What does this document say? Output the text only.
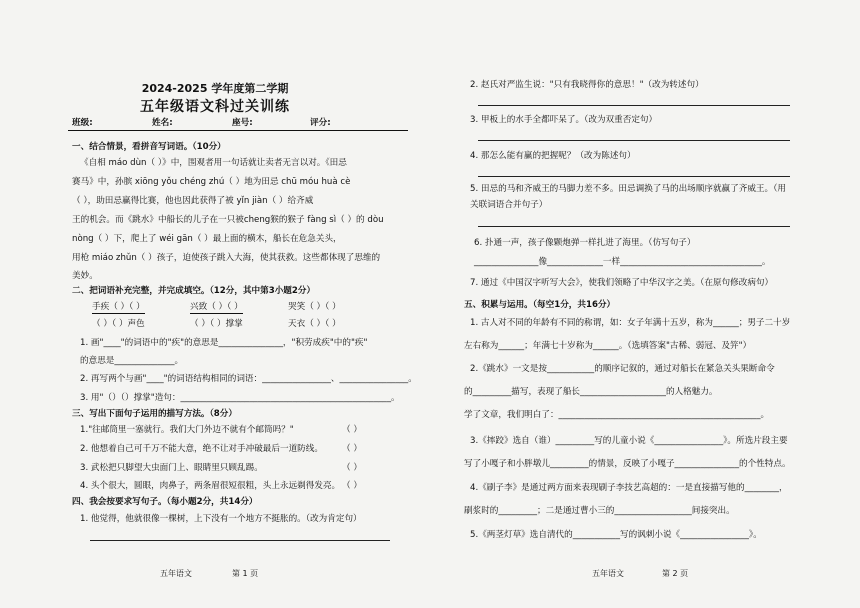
2024-2025 学年度第二学期
五年级语文科过关训练
班级:	姓名:	座号:	评分:
一、结合情景，看拼音写词语。（10分）
《自相 máo dùn（ ）》中，围观者用一句话就让卖者无言以对。《田忌
赛马》中，孙膑 xiōng yǒu chéng zhú（ ）地为田忌 chū móu huà cè
（ ），助田忌赢得比赛，他也因此获得了被 yǐn jiàn（ ）给齐威
王的机会。而《跳水》中船长的儿子在一只被cheng猴的猴子 fàng sì（ ）的 dòu
nòng（ ）下，爬上了 wéi gān（ ）最上面的横木，船长在危急关头，
用枪 miáo zhǔn（ ）孩子，迫使孩子跳入大海，使其获救。这些都体现了思维的
美妙。
二、把词语补充完整，并完成填空。（12分，其中第3小题2分）
手疾（ ）（ ）	兴致（ ）（ ）	哭笑（ ）（ ）
（ ）（ ）声色	（ ）（ ）撑掌	天衣（ ）（ ）
1. 画"____"的词语中的"疾"的意思是_______________，"积劳成疾"中的"疾"
的意思是______________。
2. 再写两个与画"____"的词语结构相同的词语：________________、________________。
3. 用"（）（）撑掌"造句：_________________________________________________。
三、写出下面句子运用的描写方法。（8分）
1."往邮筒里一塞就行。我们大门外边不就有个邮筒吗？"	（ ）
2. 他想着自己可千万不能大意，绝不让对手冲破最后一道防线。 （ ）
3. 武松把只脚望大虫面门上、眼睛里只顾乱踢。	（ ）
4. 头个很大，圆眼，肉鼻子，两条眉很短很粗，头上永远剃得发亮。 （ ）
四、我会按要求写句子。（每小题2分，共14分）
1. 他觉得，他就很像一棵树，上下没有一个地方不挺胀的。（改为肯定句）
五年语文	第 1 页
2. 赵氏对严监生说："只有我晓得你的意思！"（改为转述句）
3. 甲板上的水手全都吓呆了。（改为双重否定句）
4. 那怎么能有赢的把握呢？（改为陈述句）
5. 田忌的马和齐威王的马脚力差不多。田忌调换了马的出场顺序就赢了齐威王。（用
关联词语合并句子）
6. 扑通一声，孩子像颗炮弹一样扎进了海里。（仿写句子）
_______________像_____________一样_________________________________。
7. 通过《中国汉字听写大会》，使我们领略了中华汉字之美。（在原句修改病句）
五、积累与运用。（每空1分，共16分）
1. 古人对不同的年龄有不同的称谓，如：女子年满十五岁，称为______；男子二十岁
左右称为______；年满七十岁称为______。（选填答案"古稀、弱冠、及笄"）
2.《跳水》一文是按___________的顺序记叙的，通过对船长在紧急关头果断命令
的_________描写，表现了船长____________________的人格魅力。
学了文章，我们明白了：_______________________________________________。
3.《摔跤》选自（谁）_________写的儿童小说《________________》。所选片段主要
写了小嘎子和小胖墩儿_________的情景，反映了小嘎子_______________的个性特点。
4.《刷子李》是通过两方面来表现刷子李技艺高超的：一是直接描写他的________，
刷浆时的_________；二是通过曹小三的__________________间接突出。
5.《两茎灯草》选自清代的___________写的讽刺小说《________________》。
五年语文	第 2 页
